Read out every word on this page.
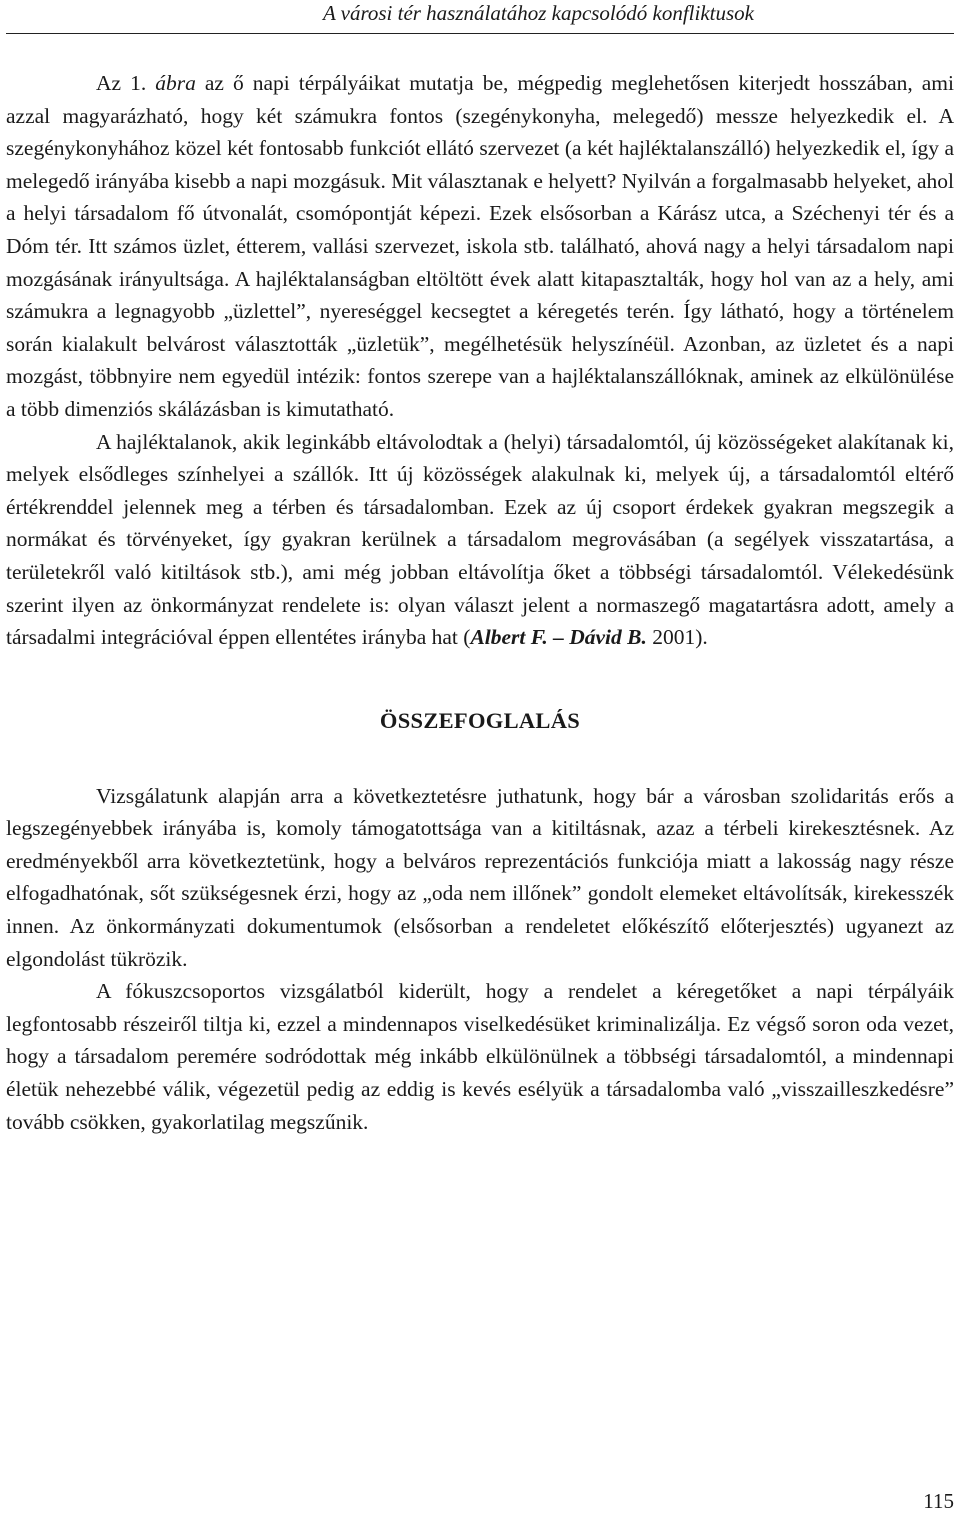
A városi tér használatához kapcsolódó konfliktusok

Az 1. ábra az ő napi térpályáikat mutatja be, mégpedig meglehetősen kiterjedt hosszában, ami azzal magyarázható, hogy két számukra fontos (szegénykonyha, melegedő) messze helyezkedik el. A szegénykonyhához közel két fontosabb funkciót ellátó szervezet (a két hajléktalanszálló) helyezkedik el, így a melegedő irányába kisebb a napi mozgásuk. Mit választanak e helyett? Nyilván a forgalmasabb helyeket, ahol a helyi társadalom fő útvonalát, csomópontját képezi. Ezek elsősorban a Kárász utca, a Széchenyi tér és a Dóm tér. Itt számos üzlet, étterem, vallási szervezet, iskola stb. található, ahová nagy a helyi társadalom napi mozgásának irányultsága. A hajléktalanságban eltöltött évek alatt kitapasztalták, hogy hol van az a hely, ami számukra a legnagyobb „üzlettel”, nyereséggel kecsegtet a kéregetés terén. Így látható, hogy a történelem során kialakult belvárost választották „üzletük”, megélhetésük helyszínéül. Azonban, az üzletet és a napi mozgást, többnyire nem egyedül intézik: fontos szerepe van a hajléktalanszállóknak, aminek az elkülönülése a több dimenziós skálázásban is kimutatható.

A hajléktalanok, akik leginkább eltávolodtak a (helyi) társadalomtól, új közösségeket alakítanak ki, melyek elsődleges színhelyei a szállók. Itt új közösségek alakulnak ki, melyek új, a társadalomtól eltérő értékrenddel jelennek meg a térben és társadalomban. Ezek az új csoport érdekek gyakran megszegik a normákat és törvényeket, így gyakran kerülnek a társadalom megrovásában (a segélyek visszatartása, a területekről való kitiltások stb.), ami még jobban eltávolítja őket a többségi társadalomtól. Vélekedésünk szerint ilyen az önkormányzat rendelete is: olyan választ jelent a normaszegő magatartásra adott, amely a társadalmi integrációval éppen ellentétes irányba hat (Albert F. – Dávid B. 2001).

ÖSSZEFOGLALÁS

Vizsgálatunk alapján arra a következtetésre juthatunk, hogy bár a városban szolidaritás erős a legszegényebbek irányába is, komoly támogatottsága van a kitiltásnak, azaz a térbeli kirekesztésnek. Az eredményekből arra következtetünk, hogy a belváros reprezentációs funkciója miatt a lakosság nagy része elfogadhatónak, sőt szükségesnek érzi, hogy az „oda nem illőnek” gondolt elemeket eltávolítsák, kirekesszék innen. Az önkormányzati dokumentumok (elsősorban a rendeletet előkészítő előterjesztés) ugyanezt az elgondolást tükrözik.

A fókuszcsoportos vizsgálatból kiderült, hogy a rendelet a kéregetőket a napi térpályáik legfontosabb részeiről tiltja ki, ezzel a mindennapos viselkedésüket kriminalizálja. Ez végső soron oda vezet, hogy a társadalom peremére sodródottak még inkább elkülönülnek a többségi társadalomtól, a mindennapi életük nehezebbé válik, végezetül pedig az eddig is kevés esélyük a társadalomba való „visszailleszkedésre” tovább csökken, gyakorlatilag megszűnik.

115
